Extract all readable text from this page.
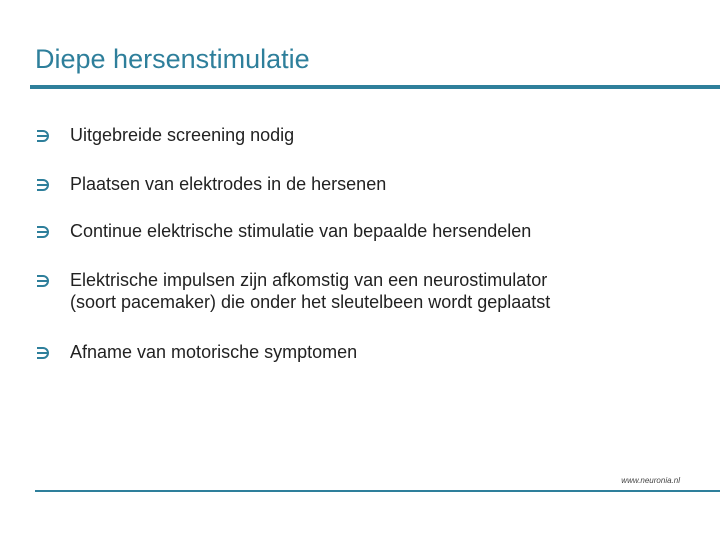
Diepe hersenstimulatie
Uitgebreide screening nodig
Plaatsen van elektrodes in de hersenen
Continue elektrische stimulatie van bepaalde hersendelen
Elektrische impulsen zijn afkomstig van een neurostimulator
(soort pacemaker) die onder het sleutelbeen wordt geplaatst
Afname van motorische symptomen
www.neuronia.nl
